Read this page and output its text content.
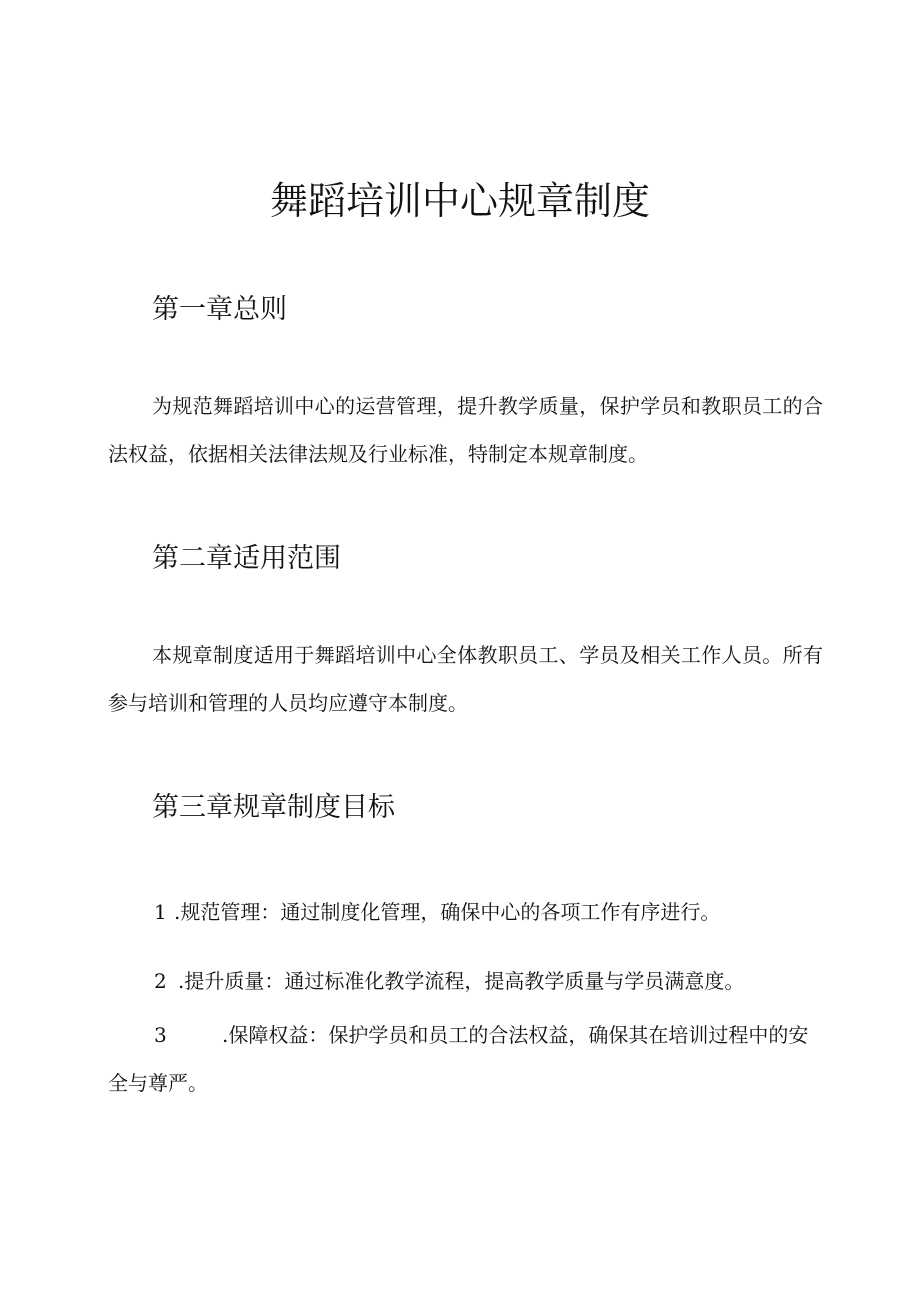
舞蹈培训中心规章制度
第一章总则

为规范舞蹈培训中心的运营管理，提升教学质量，保护学员和教职员工的合法权益，依据相关法律法规及行业标准，特制定本规章制度。

第二章适用范围

本规章制度适用于舞蹈培训中心全体教职员工、学员及相关工作人员。所有参与培训和管理的人员均应遵守本制度。

第三章规章制度目标

1 .规范管理：通过制度化管理，确保中心的各项工作有序进行。

2 .提升质量：通过标准化教学流程，提高教学质量与学员满意度。

3	.保障权益：保护学员和员工的合法权益，确保其在培训过程中的安全与尊严。
